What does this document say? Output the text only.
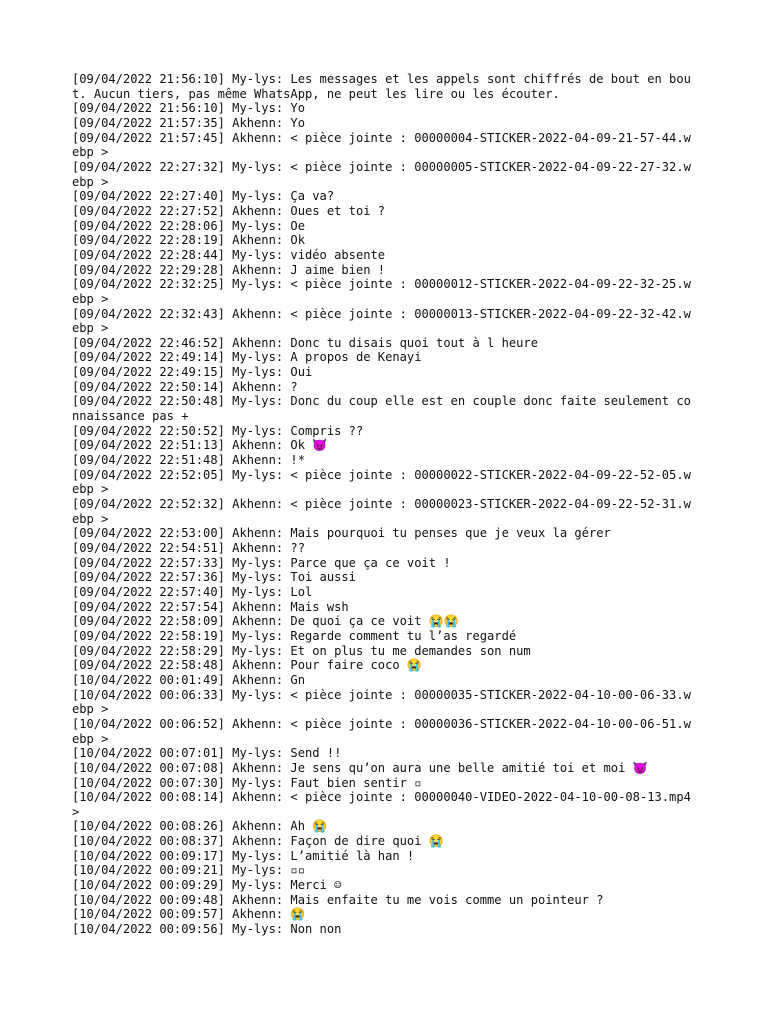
[09/04/2022 21:56:10] My-lys: Les messages et les appels sont chiffrés de bout en bout. Aucun tiers, pas même WhatsApp, ne peut les lire ou les écouter.
[09/04/2022 21:56:10] My-lys: Yo
[09/04/2022 21:57:35] Akhenn: Yo
[09/04/2022 21:57:45] Akhenn: < pièce jointe : 00000004-STICKER-2022-04-09-21-57-44.webp >
[09/04/2022 22:27:32] My-lys: < pièce jointe : 00000005-STICKER-2022-04-09-22-27-32.webp >
[09/04/2022 22:27:40] My-lys: Ça va?
[09/04/2022 22:27:52] Akhenn: Oues et toi ?
[09/04/2022 22:28:06] My-lys: Oe
[09/04/2022 22:28:19] Akhenn: Ok
[09/04/2022 22:28:44] My-lys: vidéo absente
[09/04/2022 22:29:28] Akhenn: J aime bien !
[09/04/2022 22:32:25] My-lys: < pièce jointe : 00000012-STICKER-2022-04-09-22-32-25.webp >
[09/04/2022 22:32:43] Akhenn: < pièce jointe : 00000013-STICKER-2022-04-09-22-32-42.webp >
[09/04/2022 22:46:52] Akhenn: Donc tu disais quoi tout à l heure
[09/04/2022 22:49:14] My-lys: A propos de Kenayi
[09/04/2022 22:49:15] My-lys: Oui
[09/04/2022 22:50:14] Akhenn: ?
[09/04/2022 22:50:48] My-lys: Donc du coup elle est en couple donc faite seulement connaissance pas +
[09/04/2022 22:50:52] My-lys: Compris ??
[09/04/2022 22:51:13] Akhenn: Ok 😈
[09/04/2022 22:51:48] Akhenn: !*
[09/04/2022 22:52:05] My-lys: < pièce jointe : 00000022-STICKER-2022-04-09-22-52-05.webp >
[09/04/2022 22:52:32] Akhenn: < pièce jointe : 00000023-STICKER-2022-04-09-22-52-31.webp >
[09/04/2022 22:53:00] Akhenn: Mais pourquoi tu penses que je veux la gérer
[09/04/2022 22:54:51] Akhenn: ??
[09/04/2022 22:57:33] My-lys: Parce que ça ce voit !
[09/04/2022 22:57:36] My-lys: Toi aussi
[09/04/2022 22:57:40] My-lys: Lol
[09/04/2022 22:57:54] Akhenn: Mais wsh
[09/04/2022 22:58:09] Akhenn: De quoi ça ce voit 😭😭
[09/04/2022 22:58:19] My-lys: Regarde comment tu l’as regardé
[09/04/2022 22:58:29] My-lys: Et on plus tu me demandes son num
[09/04/2022 22:58:48] Akhenn: Pour faire coco 😭
[10/04/2022 00:01:49] Akhenn: Gn
[10/04/2022 00:06:33] My-lys: < pièce jointe : 00000035-STICKER-2022-04-10-00-06-33.webp >
[10/04/2022 00:06:52] Akhenn: < pièce jointe : 00000036-STICKER-2022-04-10-00-06-51.webp >
[10/04/2022 00:07:01] My-lys: Send !!
[10/04/2022 00:07:08] Akhenn: Je sens qu’on aura une belle amitié toi et moi 😈
[10/04/2022 00:07:30] My-lys: Faut bien sentir ▫
[10/04/2022 00:08:14] Akhenn: < pièce jointe : 00000040-VIDEO-2022-04-10-00-08-13.mp4 >
[10/04/2022 00:08:26] Akhenn: Ah 😭
[10/04/2022 00:08:37] Akhenn: Façon de dire quoi 😭
[10/04/2022 00:09:17] My-lys: L’amitié là han !
[10/04/2022 00:09:21] My-lys: ▫▫
[10/04/2022 00:09:29] My-lys: Merci ☺
[10/04/2022 00:09:48] Akhenn: Mais enfaite tu me vois comme un pointeur ?
[10/04/2022 00:09:57] Akhenn: 😭
[10/04/2022 00:09:56] My-lys: Non non
